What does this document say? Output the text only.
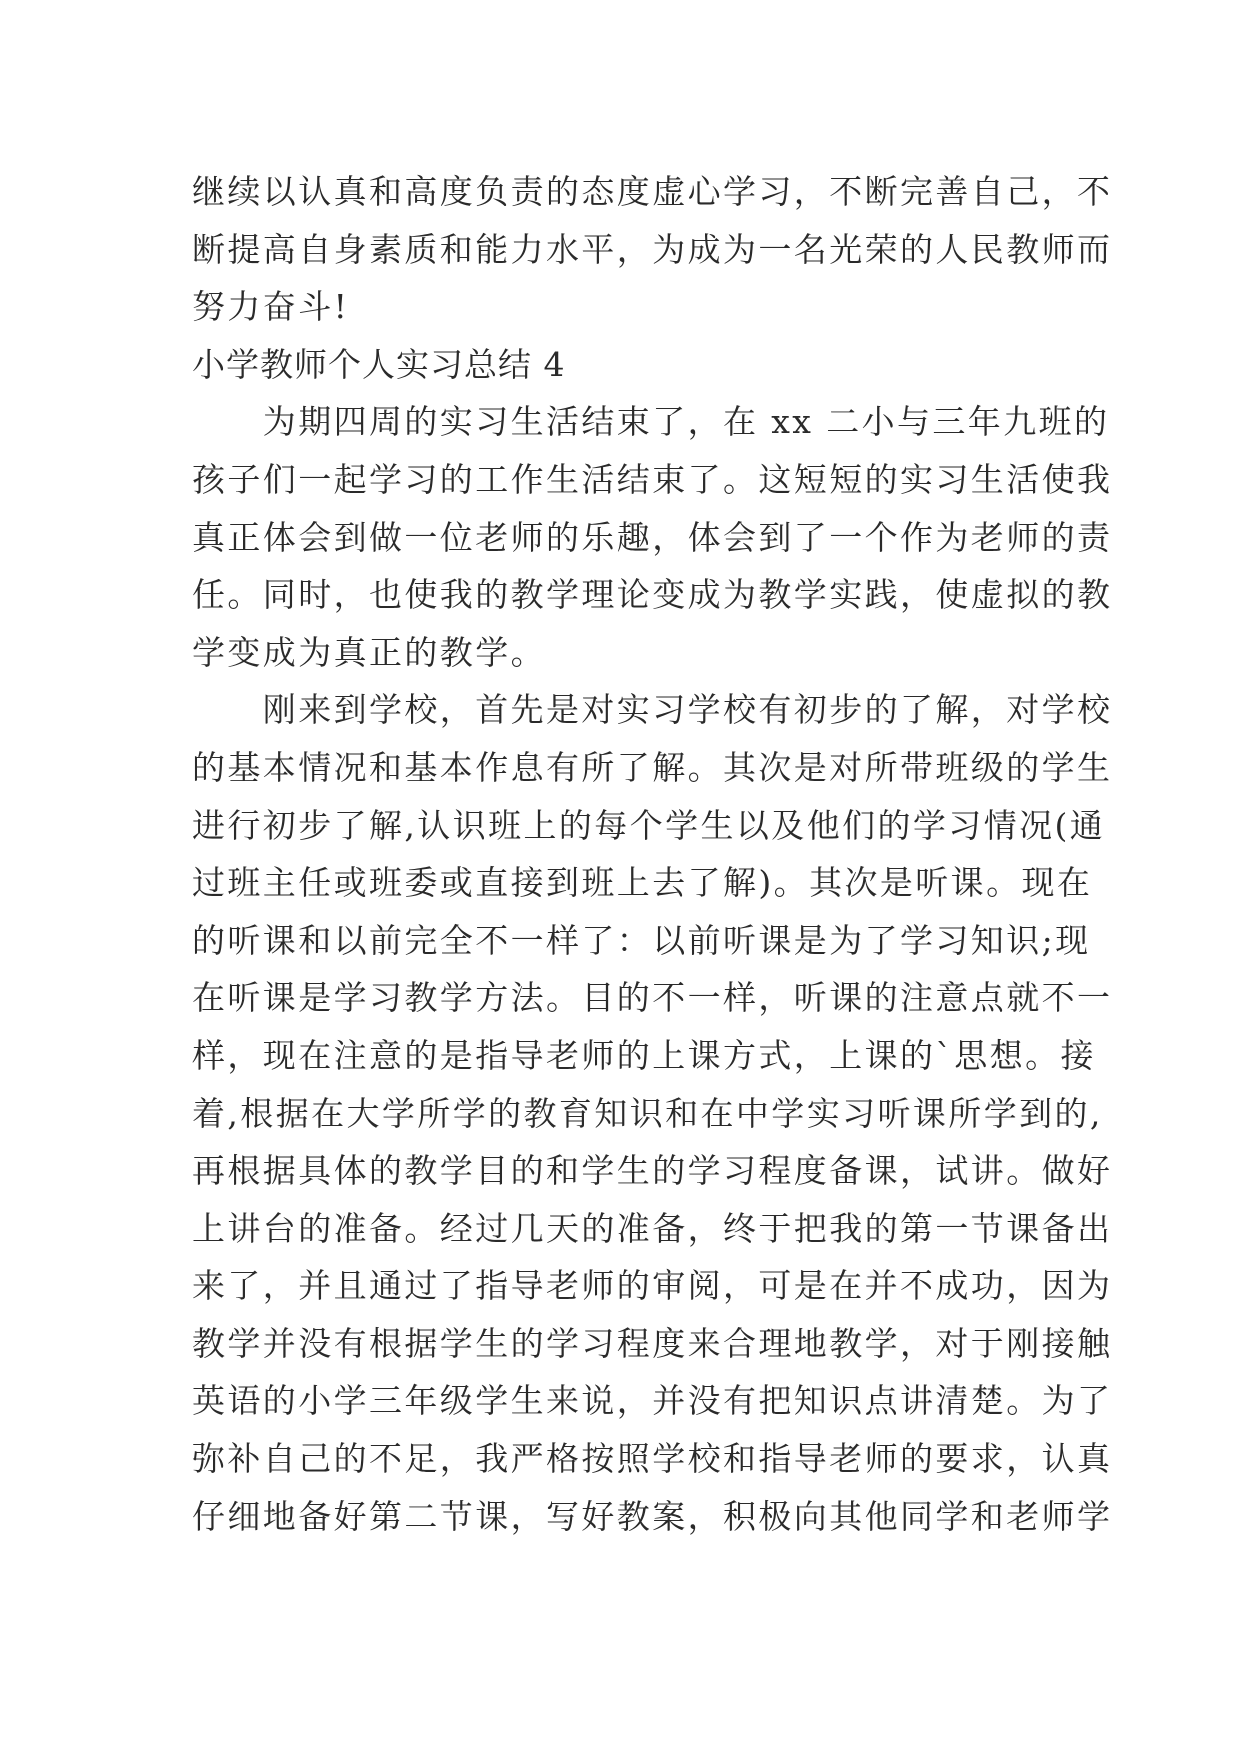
继续以认真和高度负责的态度虚心学习，不断完善自己，不
断提高自身素质和能力水平，为成为一名光荣的人民教师而
努力奋斗!
小学教师个人实习总结 4
　　为期四周的实习生活结束了，在 xx 二小与三年九班的
孩子们一起学习的工作生活结束了。这短短的实习生活使我
真正体会到做一位老师的乐趣，体会到了一个作为老师的责
任。同时，也使我的教学理论变成为教学实践，使虚拟的教
学变成为真正的教学。
　　刚来到学校，首先是对实习学校有初步的了解，对学校
的基本情况和基本作息有所了解。其次是对所带班级的学生
进行初步了解,认识班上的每个学生以及他们的学习情况(通
过班主任或班委或直接到班上去了解)。其次是听课。现在
的听课和以前完全不一样了：以前听课是为了学习知识;现
在听课是学习教学方法。目的不一样，听课的注意点就不一
样，现在注意的是指导老师的上课方式，上课的`思想。接
着,根据在大学所学的教育知识和在中学实习听课所学到的,
再根据具体的教学目的和学生的学习程度备课，试讲。做好
上讲台的准备。经过几天的准备，终于把我的第一节课备出
来了，并且通过了指导老师的审阅，可是在并不成功，因为
教学并没有根据学生的学习程度来合理地教学，对于刚接触
英语的小学三年级学生来说，并没有把知识点讲清楚。为了
弥补自己的不足，我严格按照学校和指导老师的要求，认真
仔细地备好第二节课，写好教案，积极向其他同学和老师学
